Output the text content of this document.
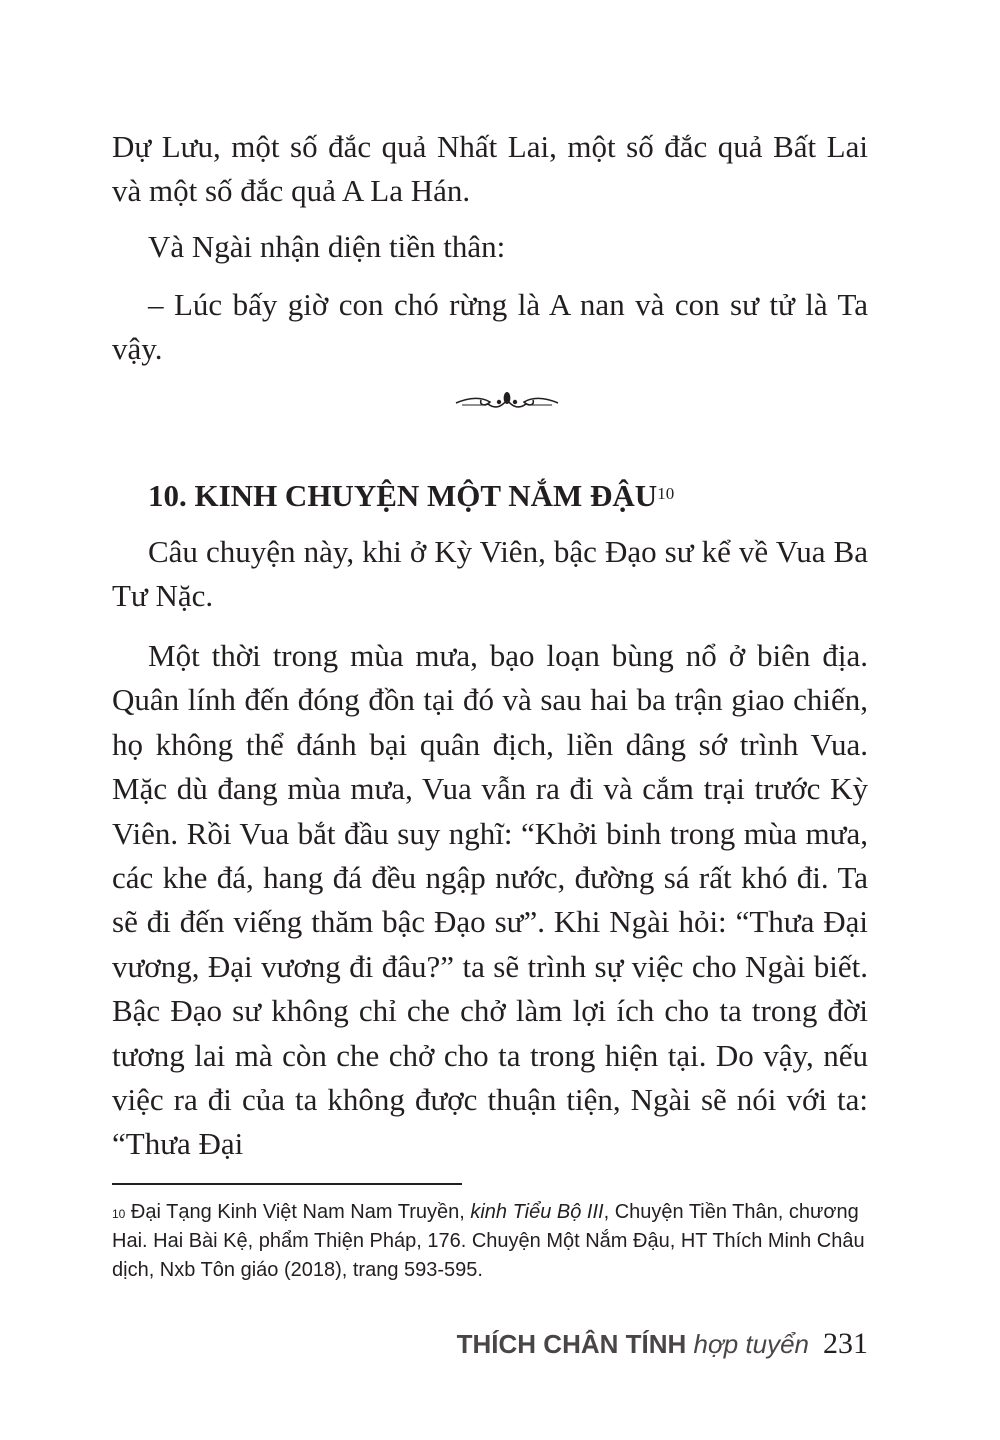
Dự Lưu, một số đắc quả Nhất Lai, một số đắc quả Bất Lai và một số đắc quả A La Hán.

Và Ngài nhận diện tiền thân:

– Lúc bấy giờ con chó rừng là A nan và con sư tử là Ta vậy.

10. KINH CHUYỆN MỘT NẮM ĐẬU$^{10}$

Câu chuyện này, khi ở Kỳ Viên, bậc Đạo sư kể về Vua Ba Tư Nặc.

Một thời trong mùa mưa, bạo loạn bùng nổ ở biên địa. Quân lính đến đóng đồn tại đó và sau hai ba trận giao chiến, họ không thể đánh bại quân địch, liền dâng sớ trình Vua. Mặc dù đang mùa mưa, Vua vẫn ra đi và cắm trại trước Kỳ Viên. Rồi Vua bắt đầu suy nghĩ: “Khởi binh trong mùa mưa, các khe đá, hang đá đều ngập nước, đường sá rất khó đi. Ta sẽ đi đến viếng thăm bậc Đạo sư”. Khi Ngài hỏi: “Thưa Đại vương, Đại vương đi đâu?” ta sẽ trình sự việc cho Ngài biết. Bậc Đạo sư không chỉ che chở làm lợi ích cho ta trong đời tương lai mà còn che chở cho ta trong hiện tại. Do vậy, nếu việc ra đi của ta không được thuận tiện, Ngài sẽ nói với ta: “Thưa Đại

$^{10}$ Đại Tạng Kinh Việt Nam Nam Truyền, kinh Tiểu Bộ III, Chuyện Tiền Thân, chương Hai. Hai Bài Kệ, phẩm Thiện Pháp, 176. Chuyện Một Nắm Đậu, HT Thích Minh Châu dịch, Nxb Tôn giáo (2018), trang 593-595.

THÍCH CHÂN TÍNH hợp tuyển 231
